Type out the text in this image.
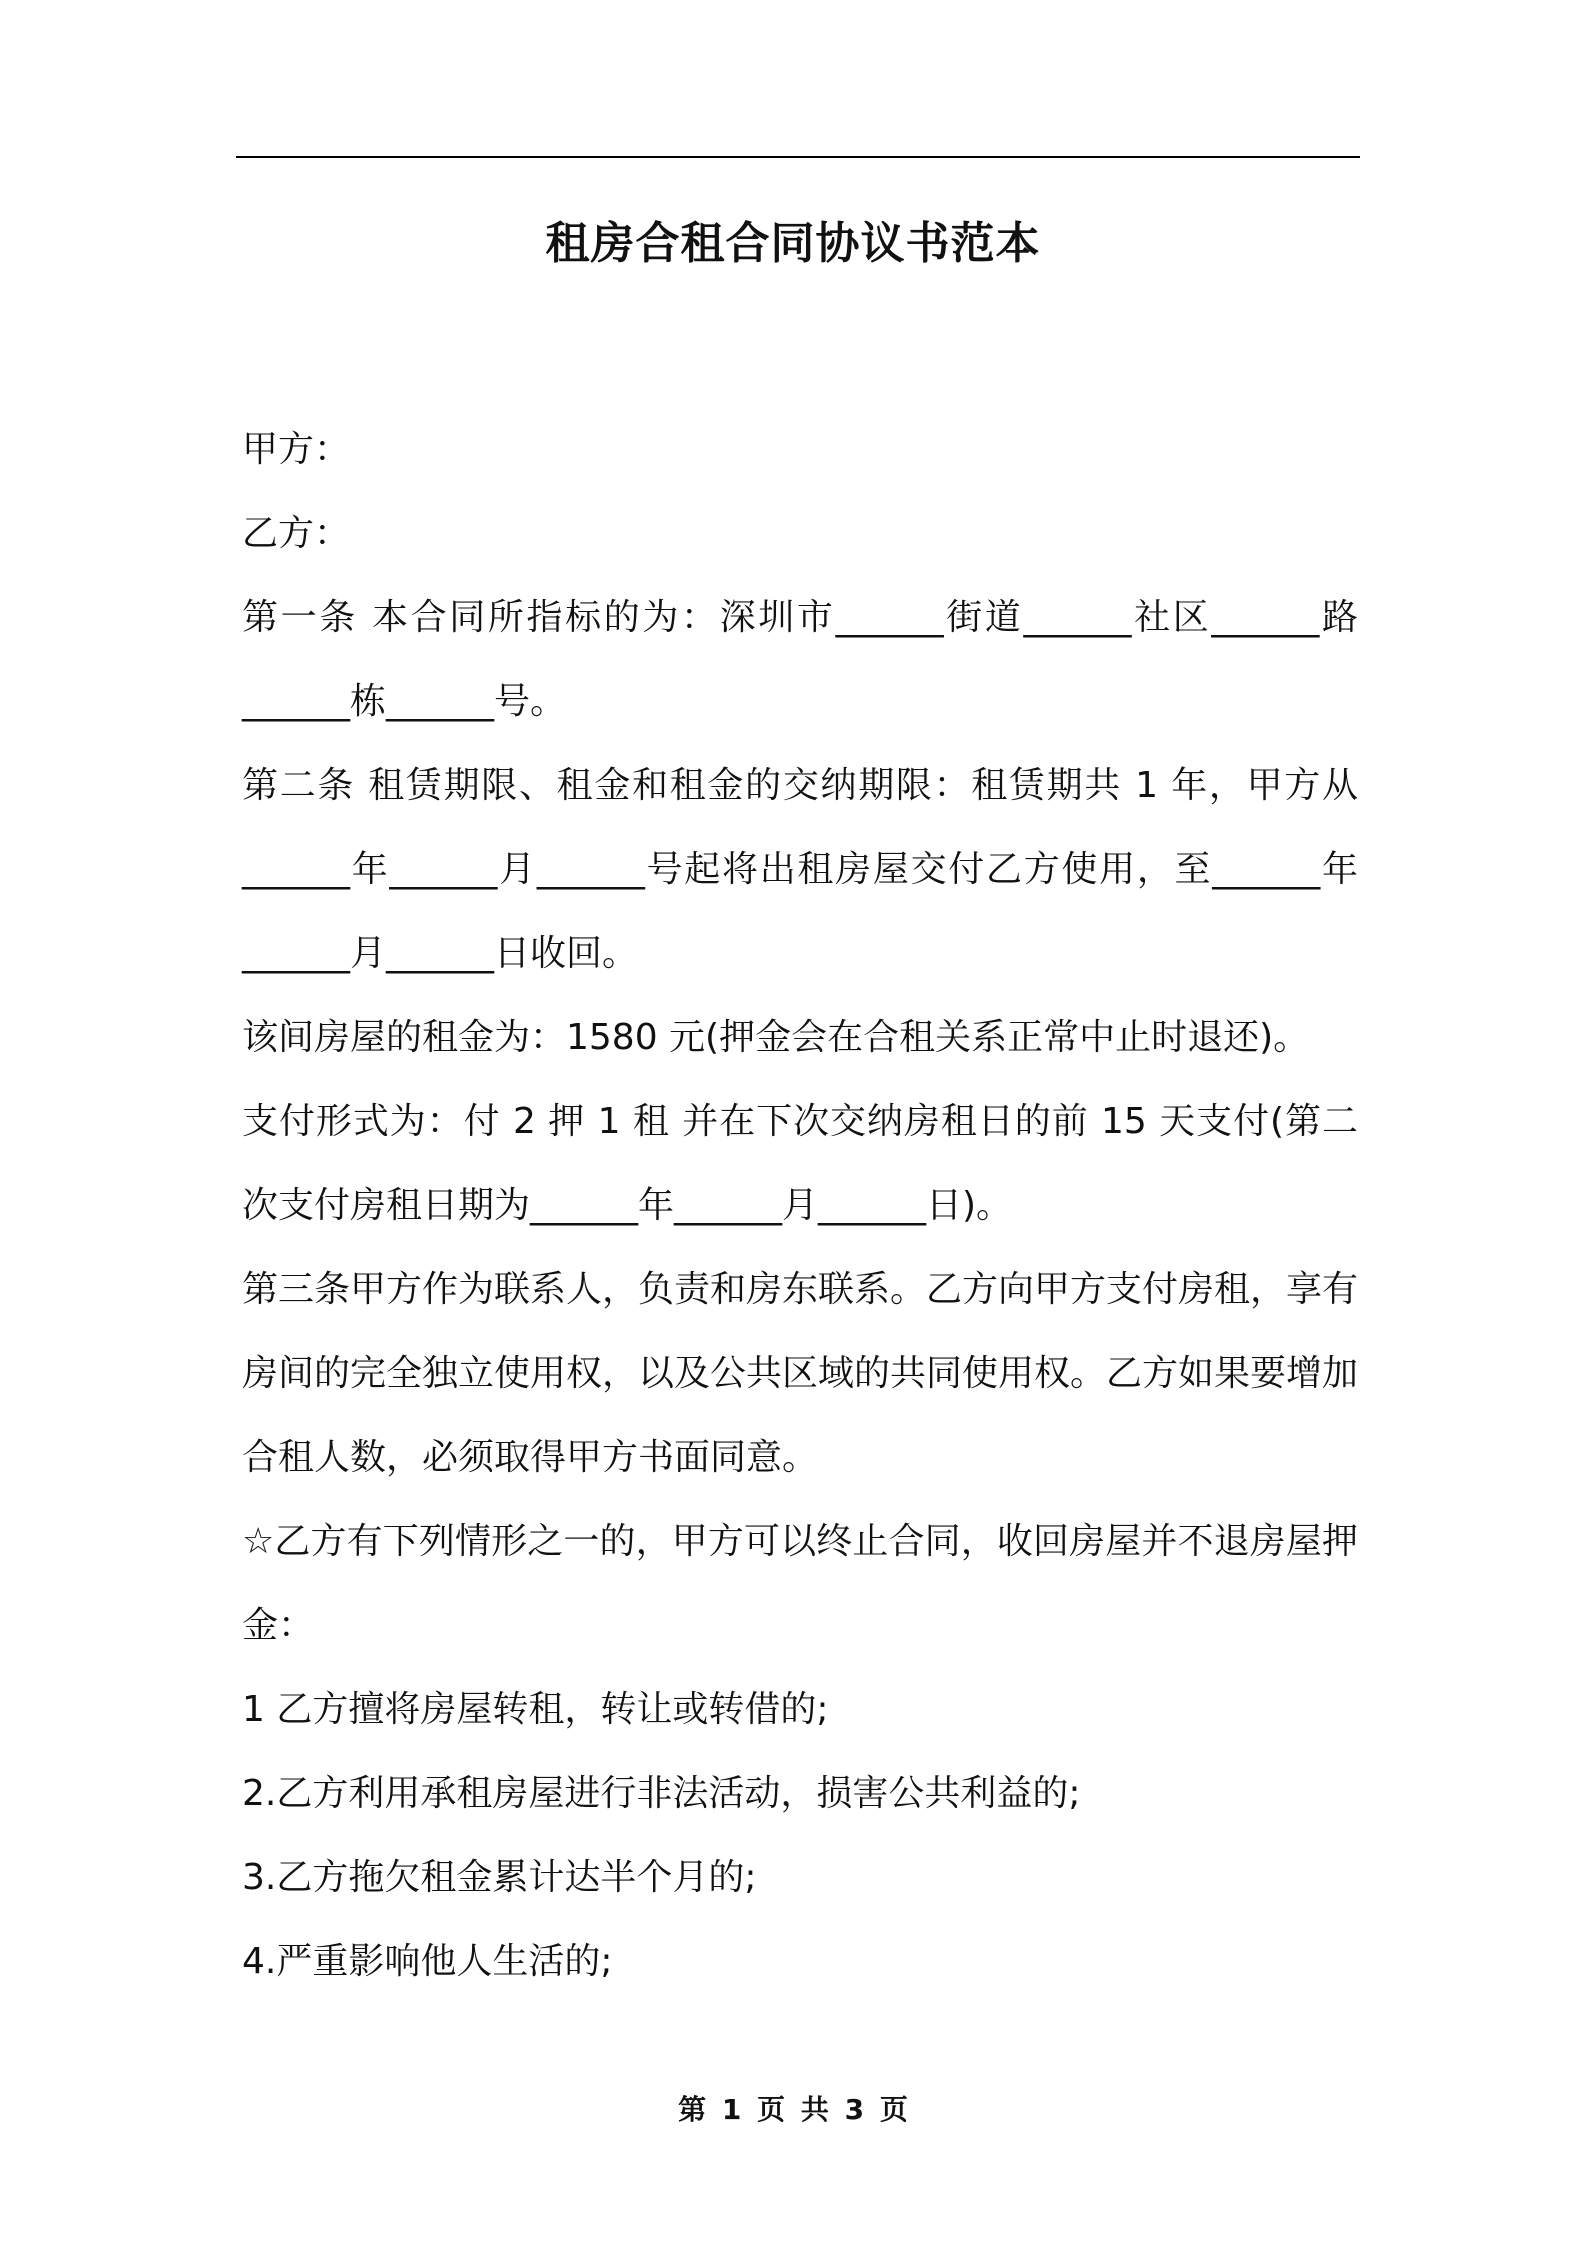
租房合租合同协议书范本

甲方：

乙方：

第一条 本合同所指标的为：深圳市______街道______社区______路______栋______号。

第二条 租赁期限、租金和租金的交纳期限：租赁期共 1 年，甲方从______年______月______号起将出租房屋交付乙方使用，至______年______月______日收回。

该间房屋的租金为：1580 元(押金会在合租关系正常中止时退还)。

支付形式为：付 2 押 1 租 并在下次交纳房租日的前 15 天支付(第二次支付房租日期为______年______月______日)。

第三条甲方作为联系人，负责和房东联系。乙方向甲方支付房租，享有房间的完全独立使用权，以及公共区域的共同使用权。乙方如果要增加合租人数，必须取得甲方书面同意。

☆乙方有下列情形之一的，甲方可以终止合同，收回房屋并不退房屋押金：

1 乙方擅将房屋转租，转让或转借的;

2.乙方利用承租房屋进行非法活动，损害公共利益的;

3.乙方拖欠租金累计达半个月的;

4.严重影响他人生活的;

第 1 页 共 3 页
